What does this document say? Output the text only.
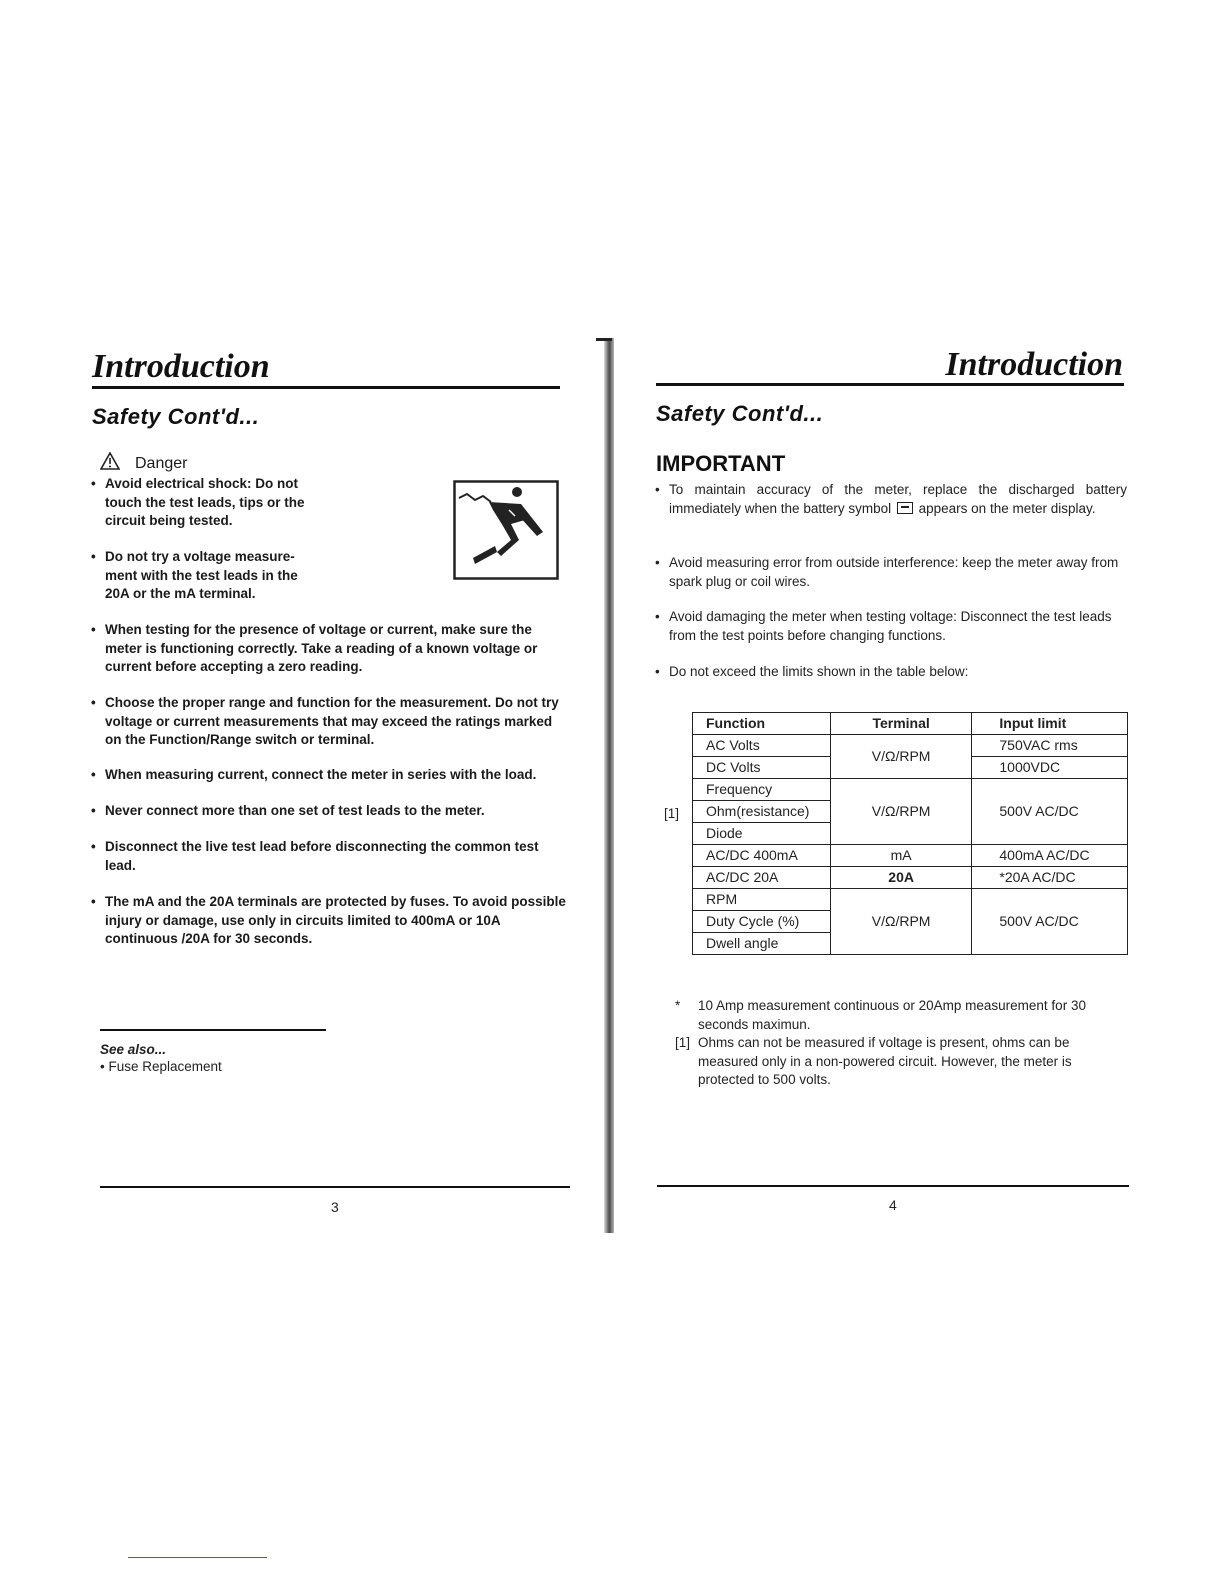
Introduction
Safety Cont'd...
Danger
• Avoid electrical shock: Do not touch the test leads, tips or the circuit being tested.
• Do not try a voltage measure-ment with the test leads in the 20A or the mA terminal.
• When testing for the presence of voltage or current, make sure the meter is functioning correctly. Take a reading of a known voltage or current before accepting a zero reading.
• Choose the proper range and function for the measurement. Do not try voltage or current measurements that may exceed the ratings marked on the Function/Range switch or terminal.
• When measuring current, connect the meter in series with the load.
• Never connect more than one set of test leads to the meter.
• Disconnect the live test lead before disconnecting the common test lead.
• The mA and the 20A terminals are protected by fuses. To avoid possible injury or damage, use only in circuits limited to 400mA or 10A continuous /20A for 30 seconds.
See also...
• Fuse Replacement
3
Introduction
Safety Cont'd...
IMPORTANT
• To maintain accuracy of the meter, replace the discharged battery immediately when the battery symbol appears on the meter display.
• Avoid measuring error from outside interference: keep the meter away from spark plug or coil wires.
• Avoid damaging the meter when testing voltage: Disconnect the test leads from the test points before changing functions.
• Do not exceed the limits shown in the table below:
[1]
Function	Terminal	Input limit
AC Volts	V/Ω/RPM	750VAC rms
DC Volts		1000VDC
Frequency	V/Ω/RPM	500V AC/DC
Ohm(resistance)		
Diode		
AC/DC 400mA	mA	400mA AC/DC
AC/DC 20A	20A	*20A AC/DC
RPM	V/Ω/RPM	500V AC/DC
Duty Cycle (%)		
Dwell angle		
*	10 Amp measurement continuous or 20Amp measurement for 30 seconds maximun.
[1] Ohms can not be measured if voltage is present, ohms can be measured only in a non-powered circuit. However, the meter is protected to 500 volts.
4
